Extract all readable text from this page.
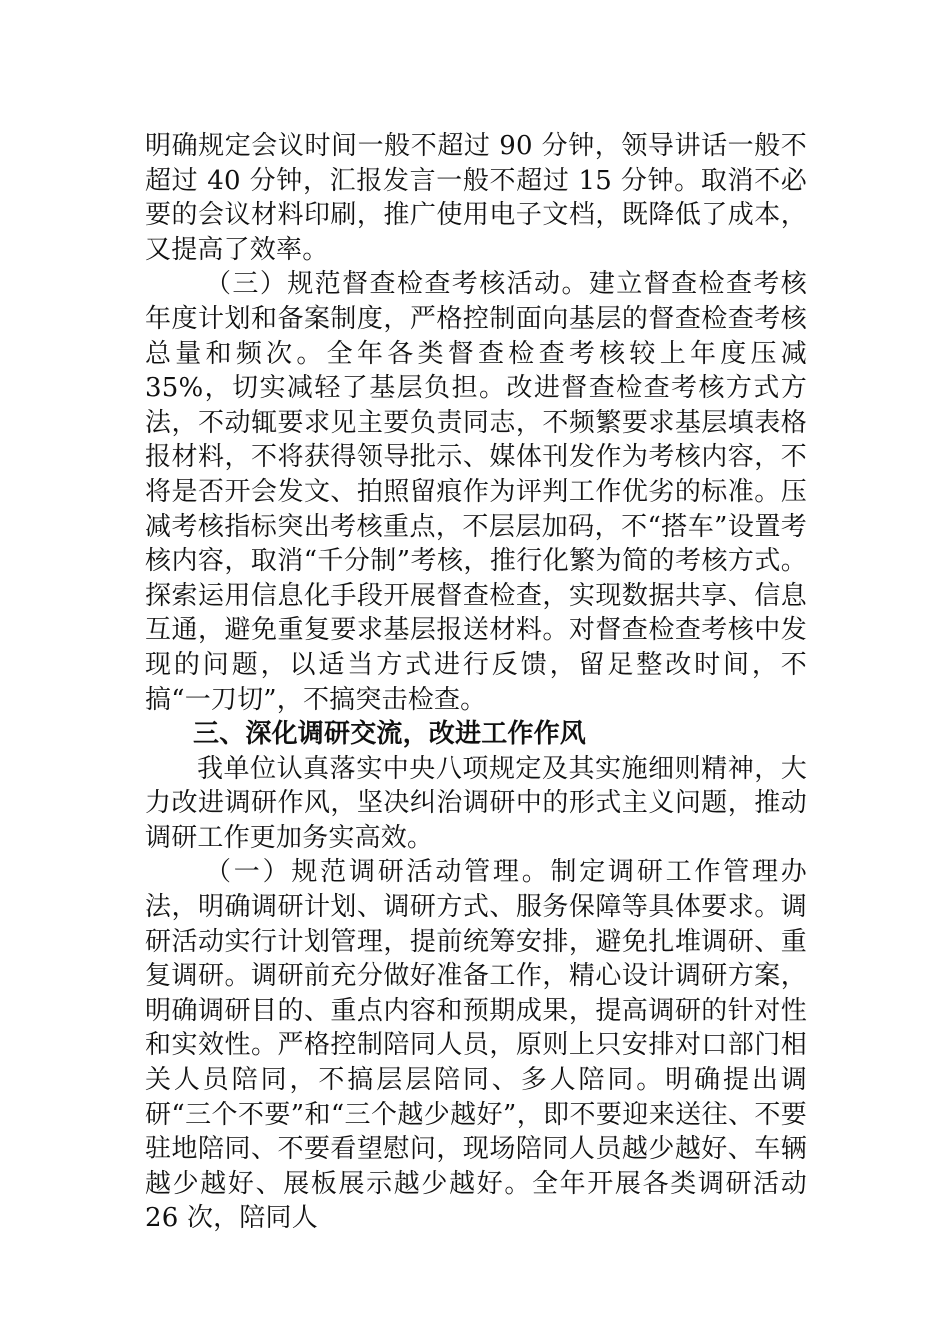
明确规定会议时间一般不超过 90 分钟，领导讲话一般不超过 40 分钟，汇报发言一般不超过 15 分钟。取消不必要的会议材料印刷，推广使用电子文档，既降低了成本，又提高了效率。

（三）规范督查检查考核活动。建立督查检查考核年度计划和备案制度，严格控制面向基层的督查检查考核总量和频次。全年各类督查检查考核较上年度压减 35%，切实减轻了基层负担。改进督查检查考核方式方法，不动辄要求见主要负责同志，不频繁要求基层填表格报材料，不将获得领导批示、媒体刊发作为考核内容，不将是否开会发文、拍照留痕作为评判工作优劣的标准。压减考核指标突出考核重点，不层层加码，不“搭车”设置考核内容，取消“千分制”考核，推行化繁为简的考核方式。探索运用信息化手段开展督查检查，实现数据共享、信息互通，避免重复要求基层报送材料。对督查检查考核中发现的问题，以适当方式进行反馈，留足整改时间，不搞“一刀切”，不搞突击检查。

三、深化调研交流，改进工作作风

我单位认真落实中央八项规定及其实施细则精神，大力改进调研作风，坚决纠治调研中的形式主义问题，推动调研工作更加务实高效。

（一）规范调研活动管理。制定调研工作管理办法，明确调研计划、调研方式、服务保障等具体要求。调研活动实行计划管理，提前统筹安排，避免扎堆调研、重复调研。调研前充分做好准备工作，精心设计调研方案，明确调研目的、重点内容和预期成果，提高调研的针对性和实效性。严格控制陪同人员，原则上只安排对口部门相关人员陪同，不搞层层陪同、多人陪同。明确提出调研“三个不要”和“三个越少越好”，即不要迎来送往、不要驻地陪同、不要看望慰问，现场陪同人员越少越好、车辆越少越好、展板展示越少越好。全年开展各类调研活动 26 次，陪同人
